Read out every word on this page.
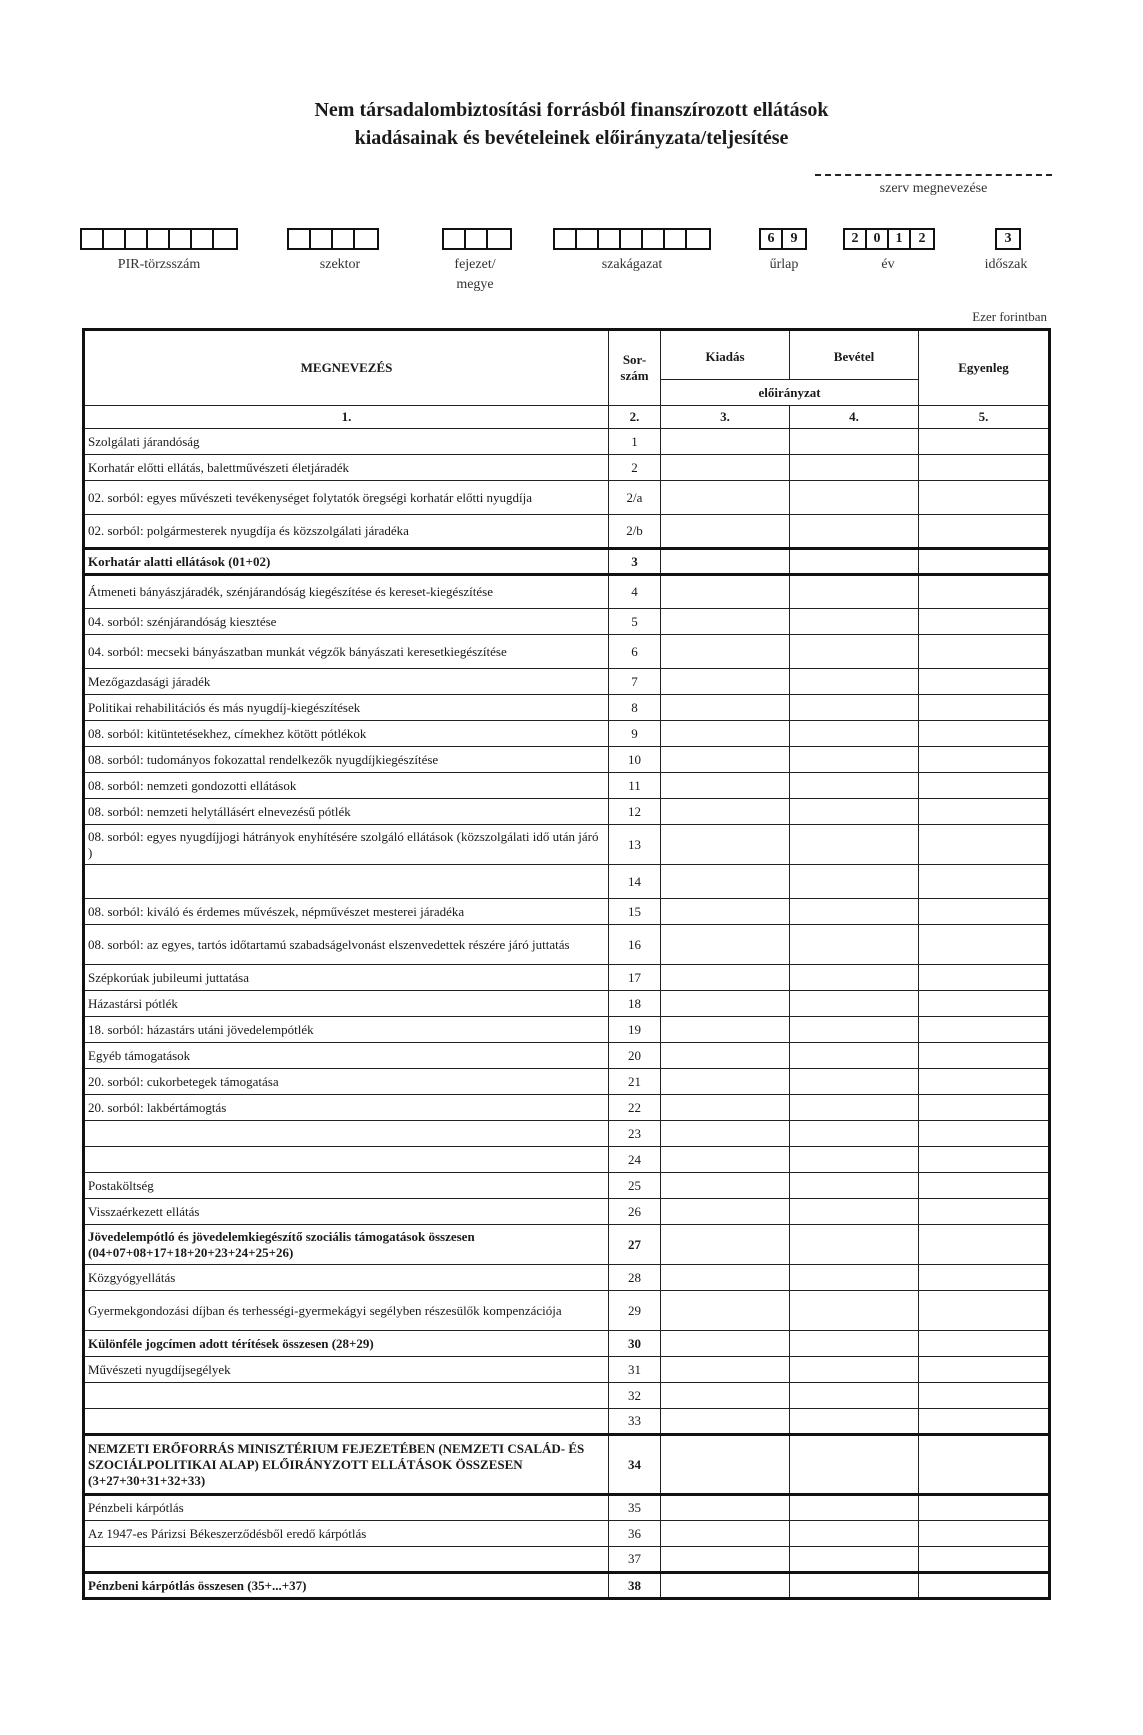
Nem társadalombiztosítási forrásból finanszírozott ellátások
kiadásainak és bevételeinek előirányzata/teljesítése
szerv megnevezése
PIR-törzsszám	szektor	fejezet/
megye
szakágazat
6	9
űrlap
2	0	1	2
év
3
időszak
Ezer forintban
MEGNEVEZÉS	Sor-
szám	Kiadás	Bevétel	Egyenleg
		előirányzat		
1.	2.	3.	4.	5.
Szolgálati járandóság	1			
Korhatár előtti ellátás, balettművészeti életjáradék	2			
02. sorból: egyes művészeti tevékenységet folytatók öregségi korhatár előtti nyugdíja	2/a			
02. sorból: polgármesterek nyugdíja és közszolgálati járadéka	2/b			
Korhatár alatti ellátások (01+02)	3			
Átmeneti bányászjáradék, szénjárandóság kiegészítése és kereset-kiegészítése	4			
04. sorból: szénjárandóság kiesztése	5			
04. sorból: mecseki bányászatban munkát végzők bányászati keresetkiegészítése	6			
Mezőgazdasági járadék	7			
Politikai rehabilitációs és más nyugdíj-kiegészítések	8			
08. sorból: kitüntetésekhez, címekhez kötött pótlékok	9			
08. sorból: tudományos fokozattal rendelkezők nyugdíjkiegészítése	10			
08. sorból: nemzeti gondozotti ellátások	11			
08. sorból: nemzeti helytállásért elnevezésű pótlék	12			
08. sorból: egyes nyugdíjjogi hátrányok enyhítésére szolgáló ellátások (közszolgálati idő után járó )	13			
	14			
08. sorból: kiváló és érdemes művészek, népművészet mesterei járadéka	15			
08. sorból: az egyes, tartós időtartamú szabadságelvonást elszenvedettek részére járó juttatás	16			
Szépkorúak jubileumi juttatása	17			
Házastársi pótlék	18			
18. sorból: házastárs utáni jövedelempótlék	19			
Egyéb támogatások	20			
20. sorból: cukorbetegek támogatása	21			
20. sorból: lakbértámogtás	22			
	23			
	24			
Postaköltség	25			
Visszaérkezett ellátás	26			
Jövedelempótló és jövedelemkiegészítő szociális támogatások összesen (04+07+08+17+18+20+23+24+25+26)	27			
Közgyógyellátás	28			
Gyermekgondozási díjban és terhességi-gyermekágyi segélyben részesülők kompenzációja	29			
Különféle jogcímen adott térítések összesen (28+29)	30			
Művészeti nyugdíjsegélyek	31			
	32			
	33			
NEMZETI ERŐFORRÁS MINISZTÉRIUM FEJEZETÉBEN (NEMZETI CSALÁD- ÉS SZOCIÁLPOLITIKAI ALAP) ELŐIRÁNYZOTT ELLÁTÁSOK ÖSSZESEN (3+27+30+31+32+33)	34			
Pénzbeli kárpótlás	35			
Az 1947-es Párizsi Békeszerződésből eredő kárpótlás	36			
	37			
Pénzbeni kárpótlás összesen (35+...+37)	38			
